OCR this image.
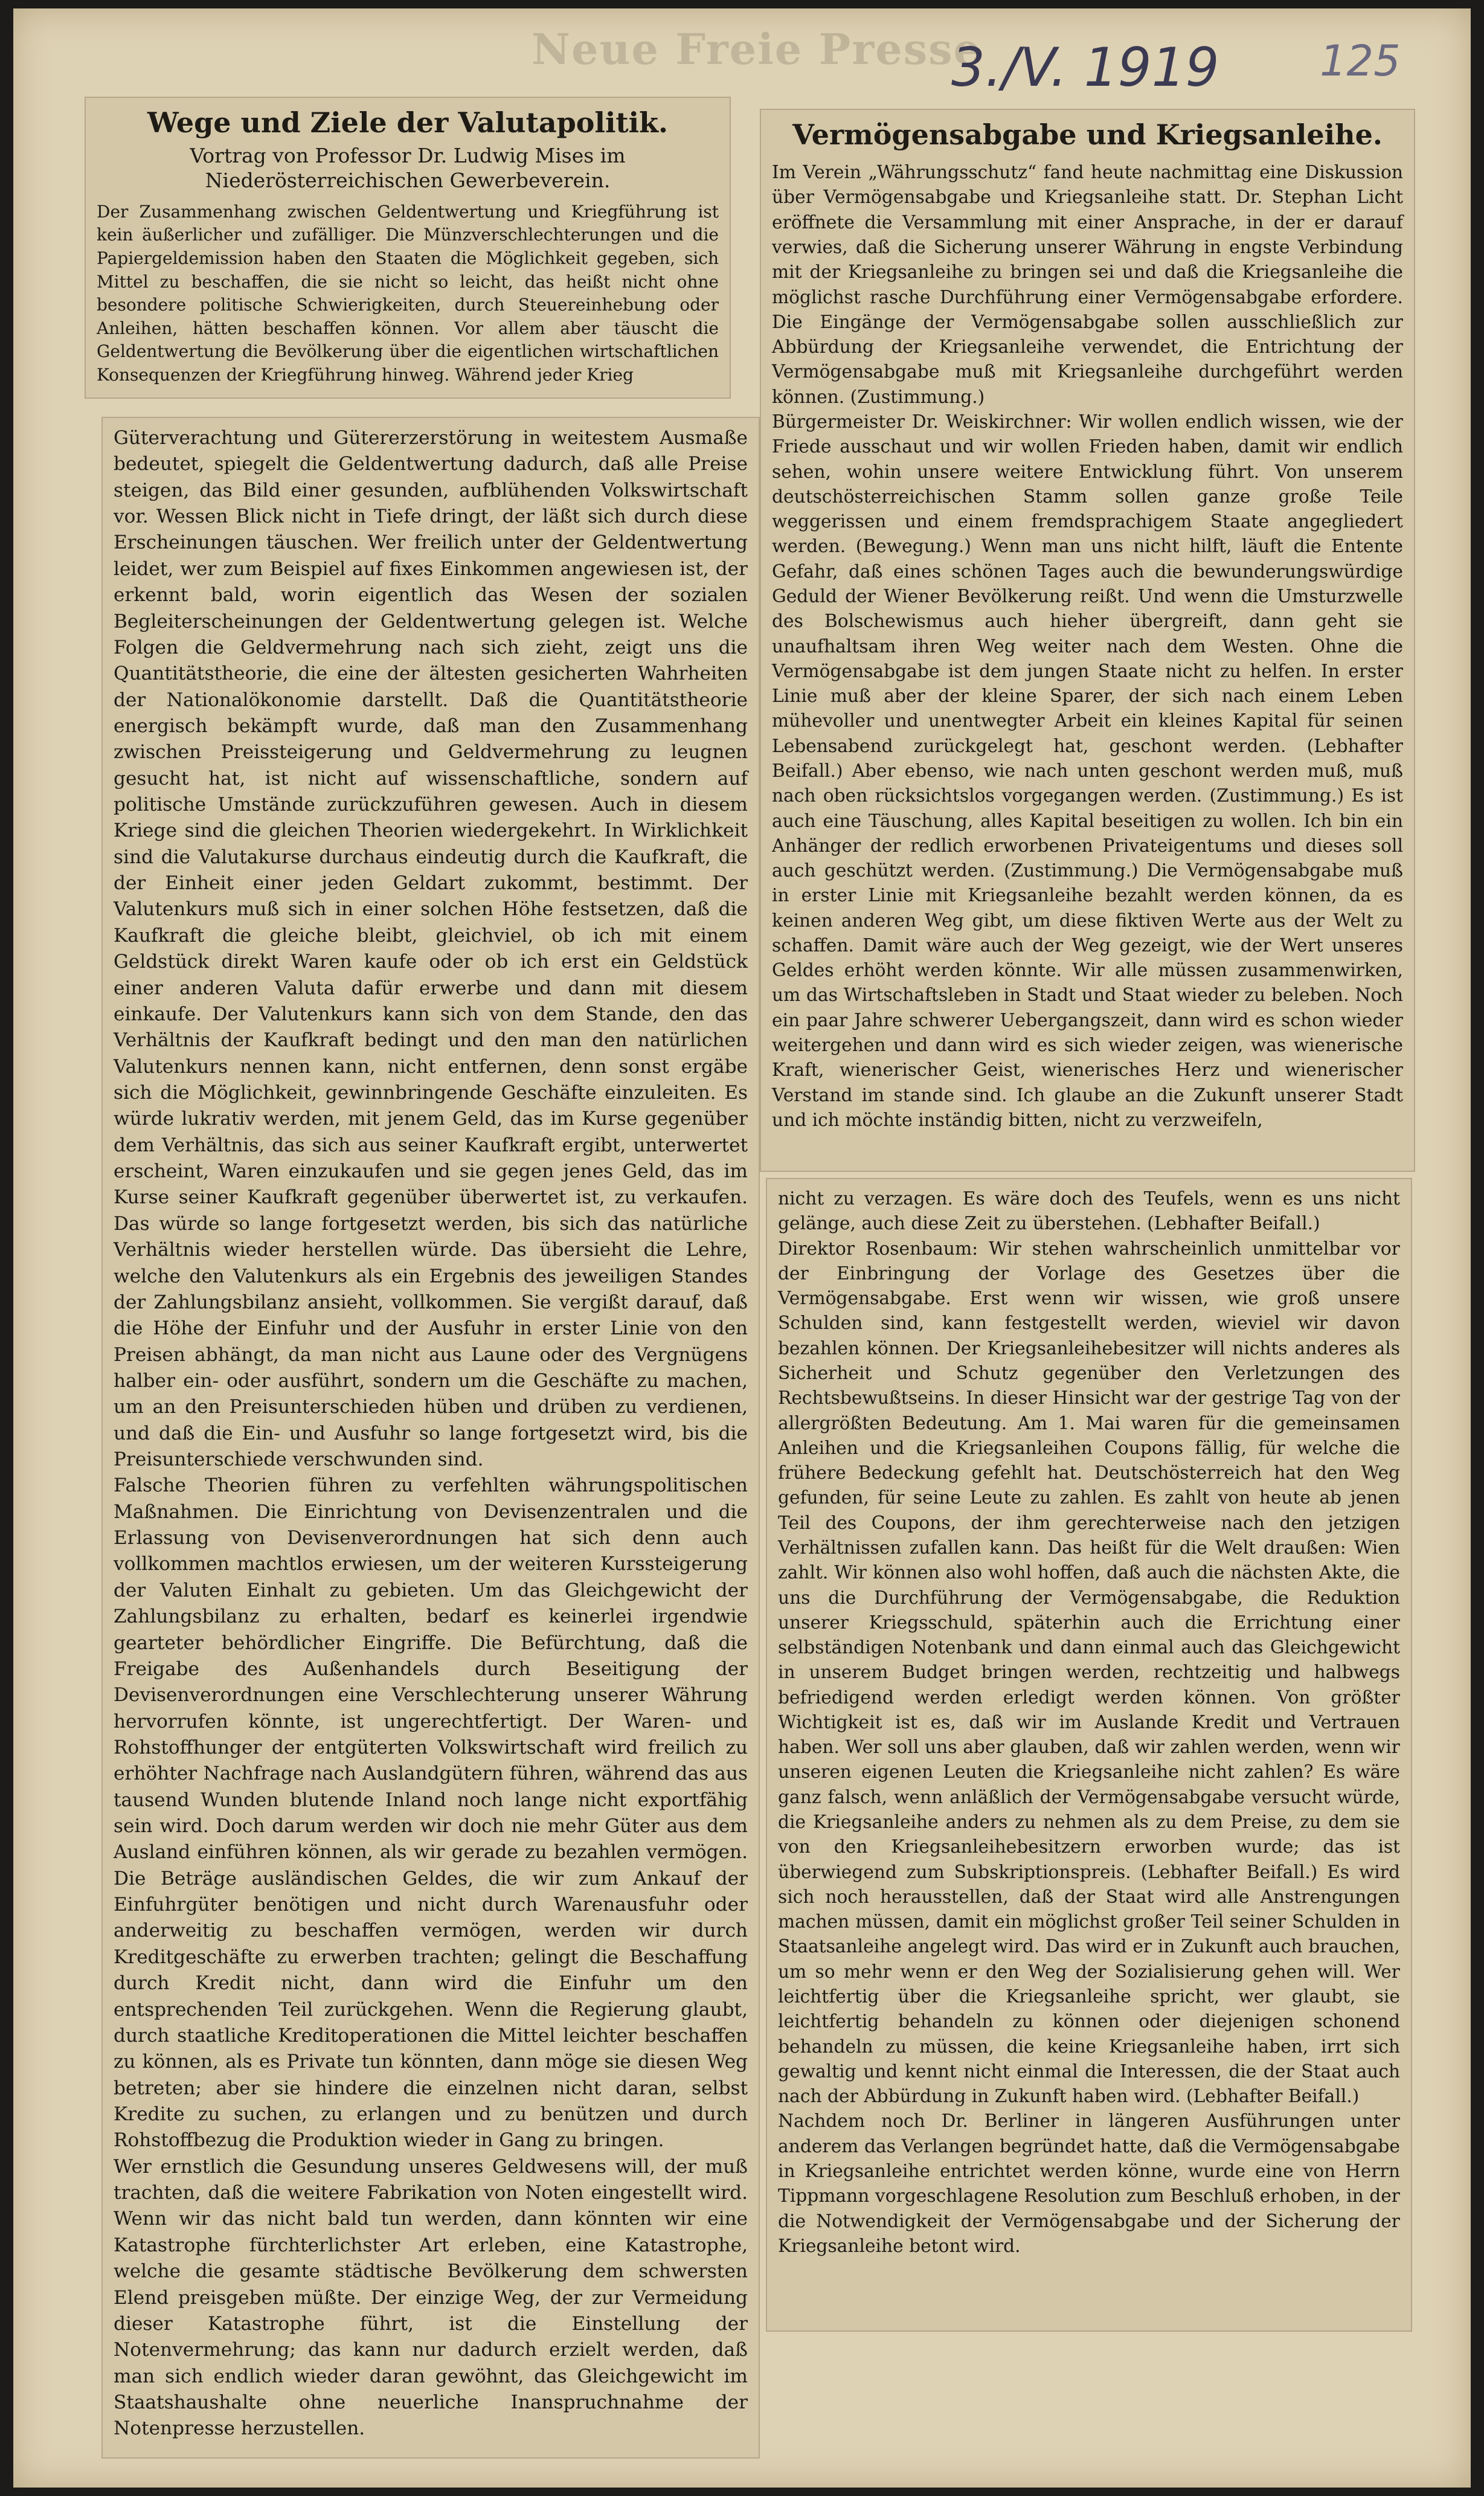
Neue Freie Presse
3./V. 1919 125
Wege und Ziele der Valutapolitik.
Vortrag von Professor Dr. Ludwig Mises im Niederösterreichischen Gewerbeverein.

Der Zusammenhang zwischen Geldentwertung und Kriegführung ist kein äußerlicher und zufälliger. Die Münzverschlechterungen und die Papiergeldemission haben den Staaten die Möglichkeit gegeben, sich Mittel zu beschaffen, die sie nicht so leicht, das heißt nicht ohne besondere politische Schwierigkeiten, durch Steuereinhebung oder Anleihen, hätten beschaffen können. Vor allem aber täuscht die Geldentwertung die Bevölkerung über die eigentlichen wirtschaftlichen Konsequenzen der Kriegführung hinweg. Während jeder Krieg

Güterverachtung und Gütererzerstörung in weitestem Ausmaße bedeutet, spiegelt die Geldentwertung dadurch, daß alle Preise steigen, das Bild einer gesunden, aufblühenden Volkswirtschaft vor. Wessen Blick nicht in Tiefe dringt, der läßt sich durch diese Erscheinungen täuschen. Wer freilich unter der Geldentwertung leidet, wer zum Beispiel auf fixes Einkommen angewiesen ist, der erkennt bald, worin eigentlich das Wesen der sozialen Begleiterscheinungen der Geldentwertung gelegen ist. Welche Folgen die Geldvermehrung nach sich zieht, zeigt uns die Quantitätstheorie, die eine der ältesten gesicherten Wahrheiten der Nationalökonomie darstellt. Daß die Quantitätstheorie energisch bekämpft wurde, daß man den Zusammenhang zwischen Preissteigerung und Geldvermehrung zu leugnen gesucht hat, ist nicht auf wissenschaftliche, sondern auf politische Umstände zurückzuführen gewesen. Auch in diesem Kriege sind die gleichen Theorien wiedergekehrt. In Wirklichkeit sind die Valutakurse durchaus eindeutig durch die Kaufkraft, die der Einheit einer jeden Geldart zukommt, bestimmt. Der Valutenkurs muß sich in einer solchen Höhe festsetzen, daß die Kaufkraft die gleiche bleibt, gleichviel, ob ich mit einem Geldstück direkt Waren kaufe oder ob ich erst ein Geldstück einer anderen Valuta dafür erwerbe und dann mit diesem einkaufe. Der Valutenkurs kann sich von dem Stande, den das Verhältnis der Kaufkraft bedingt und den man den natürlichen Valutenkurs nennen kann, nicht entfernen, denn sonst ergäbe sich die Möglichkeit, gewinnbringende Geschäfte einzuleiten. Es würde lukrativ werden, mit jenem Geld, das im Kurse gegenüber dem Verhältnis, das sich aus seiner Kaufkraft ergibt, unterwertet erscheint, Waren einzukaufen und sie gegen jenes Geld, das im Kurse seiner Kaufkraft gegenüber überwertet ist, zu verkaufen. Das würde so lange fortgesetzt werden, bis sich das natürliche Verhältnis wieder herstellen würde. Das übersieht die Lehre, welche den Valutenkurs als ein Ergebnis des jeweiligen Standes der Zahlungsbilanz ansieht, vollkommen. Sie vergißt darauf, daß die Höhe der Einfuhr und der Ausfuhr in erster Linie von den Preisen abhängt, da man nicht aus Laune oder des Vergnügens halber ein- oder ausführt, sondern um die Geschäfte zu machen, um an den Preisunterschieden hüben und drüben zu verdienen, und daß die Ein- und Ausfuhr so lange fortgesetzt wird, bis die Preisunterschiede verschwunden sind.
Falsche Theorien führen zu verfehlten währungspolitischen Maßnahmen. Die Einrichtung von Devisenzentralen und die Erlassung von Devisenverordnungen hat sich denn auch vollkommen machtlos erwiesen, um der weiteren Kurssteigerung der Valuten Einhalt zu gebieten. Um das Gleichgewicht der Zahlungsbilanz zu erhalten, bedarf es keinerlei irgendwie gearteter behördlicher Eingriffe. Die Befürchtung, daß die Freigabe des Außenhandels durch Beseitigung der Devisenverordnungen eine Verschlechterung unserer Währung hervorrufen könnte, ist ungerechtfertigt. Der Waren- und Rohstoffhunger der entgüterten Volkswirtschaft wird freilich zu erhöhter Nachfrage nach Auslandgütern führen, während das aus tausend Wunden blutende Inland noch lange nicht exportfähig sein wird. Doch darum werden wir doch nie mehr Güter aus dem Ausland einführen können, als wir gerade zu bezahlen vermögen. Die Beträge ausländischen Geldes, die wir zum Ankauf der Einfuhrgüter benötigen und nicht durch Warenausfuhr oder anderweitig zu beschaffen vermögen, werden wir durch Kreditgeschäfte zu erwerben trachten; gelingt die Beschaffung durch Kredit nicht, dann wird die Einfuhr um den entsprechenden Teil zurückgehen. Wenn die Regierung glaubt, durch staatliche Kreditoperationen die Mittel leichter beschaffen zu können, als es Private tun könnten, dann möge sie diesen Weg betreten; aber sie hindere die einzelnen nicht daran, selbst Kredite zu suchen, zu erlangen und zu benützen und durch Rohstoffbezug die Produktion wieder in Gang zu bringen.
Wer ernstlich die Gesundung unseres Geldwesens will, der muß trachten, daß die weitere Fabrikation von Noten eingestellt wird. Wenn wir das nicht bald tun werden, dann könnten wir eine Katastrophe fürchterlichster Art erleben, eine Katastrophe, welche die gesamte städtische Bevölkerung dem schwersten Elend preisgeben müßte. Der einzige Weg, der zur Vermeidung dieser Katastrophe führt, ist die Einstellung der Notenvermehrung; das kann nur dadurch erzielt werden, daß man sich endlich wieder daran gewöhnt, das Gleichgewicht im Staatshaushalte ohne neuerliche Inanspruchnahme der Notenpresse herzustellen.

Vermögensabgabe und Kriegsanleihe.

Im Verein „Währungsschutz“ fand heute nachmittag eine Diskussion über Vermögensabgabe und Kriegsanleihe statt. Dr. Stephan Licht eröffnete die Versammlung mit einer Ansprache, in der er darauf verwies, daß die Sicherung unserer Währung in engste Verbindung mit der Kriegsanleihe zu bringen sei und daß die Kriegsanleihe die möglichst rasche Durchführung einer Vermögensabgabe erfordere. Die Eingänge der Vermögensabgabe sollen ausschließlich zur Abbürdung der Kriegsanleihe verwendet, die Entrichtung der Vermögensabgabe muß mit Kriegsanleihe durchgeführt werden können. (Zustimmung.)
Bürgermeister Dr. Weiskirchner: Wir wollen endlich wissen, wie der Friede ausschaut und wir wollen Frieden haben, damit wir endlich sehen, wohin unsere weitere Entwicklung führt. Von unserem deutschösterreichischen Stamm sollen ganze große Teile weggerissen und einem fremdsprachigem Staate angegliedert werden. (Bewegung.) Wenn man uns nicht hilft, läuft die Entente Gefahr, daß eines schönen Tages auch die bewunderungswürdige Geduld der Wiener Bevölkerung reißt. Und wenn die Umsturzwelle des Bolschewismus auch hieher übergreift, dann geht sie unaufhaltsam ihren Weg weiter nach dem Westen. Ohne die Vermögensabgabe ist dem jungen Staate nicht zu helfen. In erster Linie muß aber der kleine Sparer, der sich nach einem Leben mühevoller und unentwegter Arbeit ein kleines Kapital für seinen Lebensabend zurückgelegt hat, geschont werden. (Lebhafter Beifall.) Aber ebenso, wie nach unten geschont werden muß, muß nach oben rücksichtslos vorgegangen werden. (Zustimmung.) Es ist auch eine Täuschung, alles Kapital beseitigen zu wollen. Ich bin ein Anhänger der redlich erworbenen Privateigentums und dieses soll auch geschützt werden. (Zustimmung.) Die Vermögensabgabe muß in erster Linie mit Kriegsanleihe bezahlt werden können, da es keinen anderen Weg gibt, um diese fiktiven Werte aus der Welt zu schaffen. Damit wäre auch der Weg gezeigt, wie der Wert unseres Geldes erhöht werden könnte. Wir alle müssen zusammenwirken, um das Wirtschaftsleben in Stadt und Staat wieder zu beleben. Noch ein paar Jahre schwerer Uebergangszeit, dann wird es schon wieder weitergehen und dann wird es sich wieder zeigen, was wienerische Kraft, wienerischer Geist, wienerisches Herz und wienerischer Verstand im stande sind. Ich glaube an die Zukunft unserer Stadt und ich möchte inständig bitten, nicht zu verzweifeln,

nicht zu verzagen. Es wäre doch des Teufels, wenn es uns nicht gelänge, auch diese Zeit zu überstehen. (Lebhafter Beifall.)
Direktor Rosenbaum: Wir stehen wahrscheinlich unmittelbar vor der Einbringung der Vorlage des Gesetzes über die Vermögensabgabe. Erst wenn wir wissen, wie groß unsere Schulden sind, kann festgestellt werden, wieviel wir davon bezahlen können. Der Kriegsanleihebesitzer will nichts anderes als Sicherheit und Schutz gegenüber den Verletzungen des Rechtsbewußtseins. In dieser Hinsicht war der gestrige Tag von der allergrößten Bedeutung. Am 1. Mai waren für die gemeinsamen Anleihen und die Kriegsanleihen Coupons fällig, für welche die frühere Bedeckung gefehlt hat. Deutschösterreich hat den Weg gefunden, für seine Leute zu zahlen. Es zahlt von heute ab jenen Teil des Coupons, der ihm gerechterweise nach den jetzigen Verhältnissen zufallen kann. Das heißt für die Welt draußen: Wien zahlt. Wir können also wohl hoffen, daß auch die nächsten Akte, die uns die Durchführung der Vermögensabgabe, die Reduktion unserer Kriegsschuld, späterhin auch die Errichtung einer selbständigen Notenbank und dann einmal auch das Gleichgewicht in unserem Budget bringen werden, rechtzeitig und halbwegs befriedigend werden erledigt werden können. Von größter Wichtigkeit ist es, daß wir im Auslande Kredit und Vertrauen haben. Wer soll uns aber glauben, daß wir zahlen werden, wenn wir unseren eigenen Leuten die Kriegsanleihe nicht zahlen? Es wäre ganz falsch, wenn anläßlich der Vermögensabgabe versucht würde, die Kriegsanleihe anders zu nehmen als zu dem Preise, zu dem sie von den Kriegsanleihebesitzern erworben wurde; das ist überwiegend zum Subskriptionspreis. (Lebhafter Beifall.) Es wird sich noch herausstellen, daß der Staat wird alle Anstrengungen machen müssen, damit ein möglichst großer Teil seiner Schulden in Staatsanleihe angelegt wird. Das wird er in Zukunft auch brauchen, um so mehr wenn er den Weg der Sozialisierung gehen will. Wer leichtfertig über die Kriegsanleihe spricht, wer glaubt, sie leichtfertig behandeln zu können oder diejenigen schonend behandeln zu müssen, die keine Kriegsanleihe haben, irrt sich gewaltig und kennt nicht einmal die Interessen, die der Staat auch nach der Abbürdung in Zukunft haben wird. (Lebhafter Beifall.)
Nachdem noch Dr. Berliner in längeren Ausführungen unter anderem das Verlangen begründet hatte, daß die Vermögensabgabe in Kriegsanleihe entrichtet werden könne, wurde eine von Herrn Tippmann vorgeschlagene Resolution zum Beschluß erhoben, in der die Notwendigkeit der Vermögensabgabe und der Sicherung der Kriegsanleihe betont wird.
